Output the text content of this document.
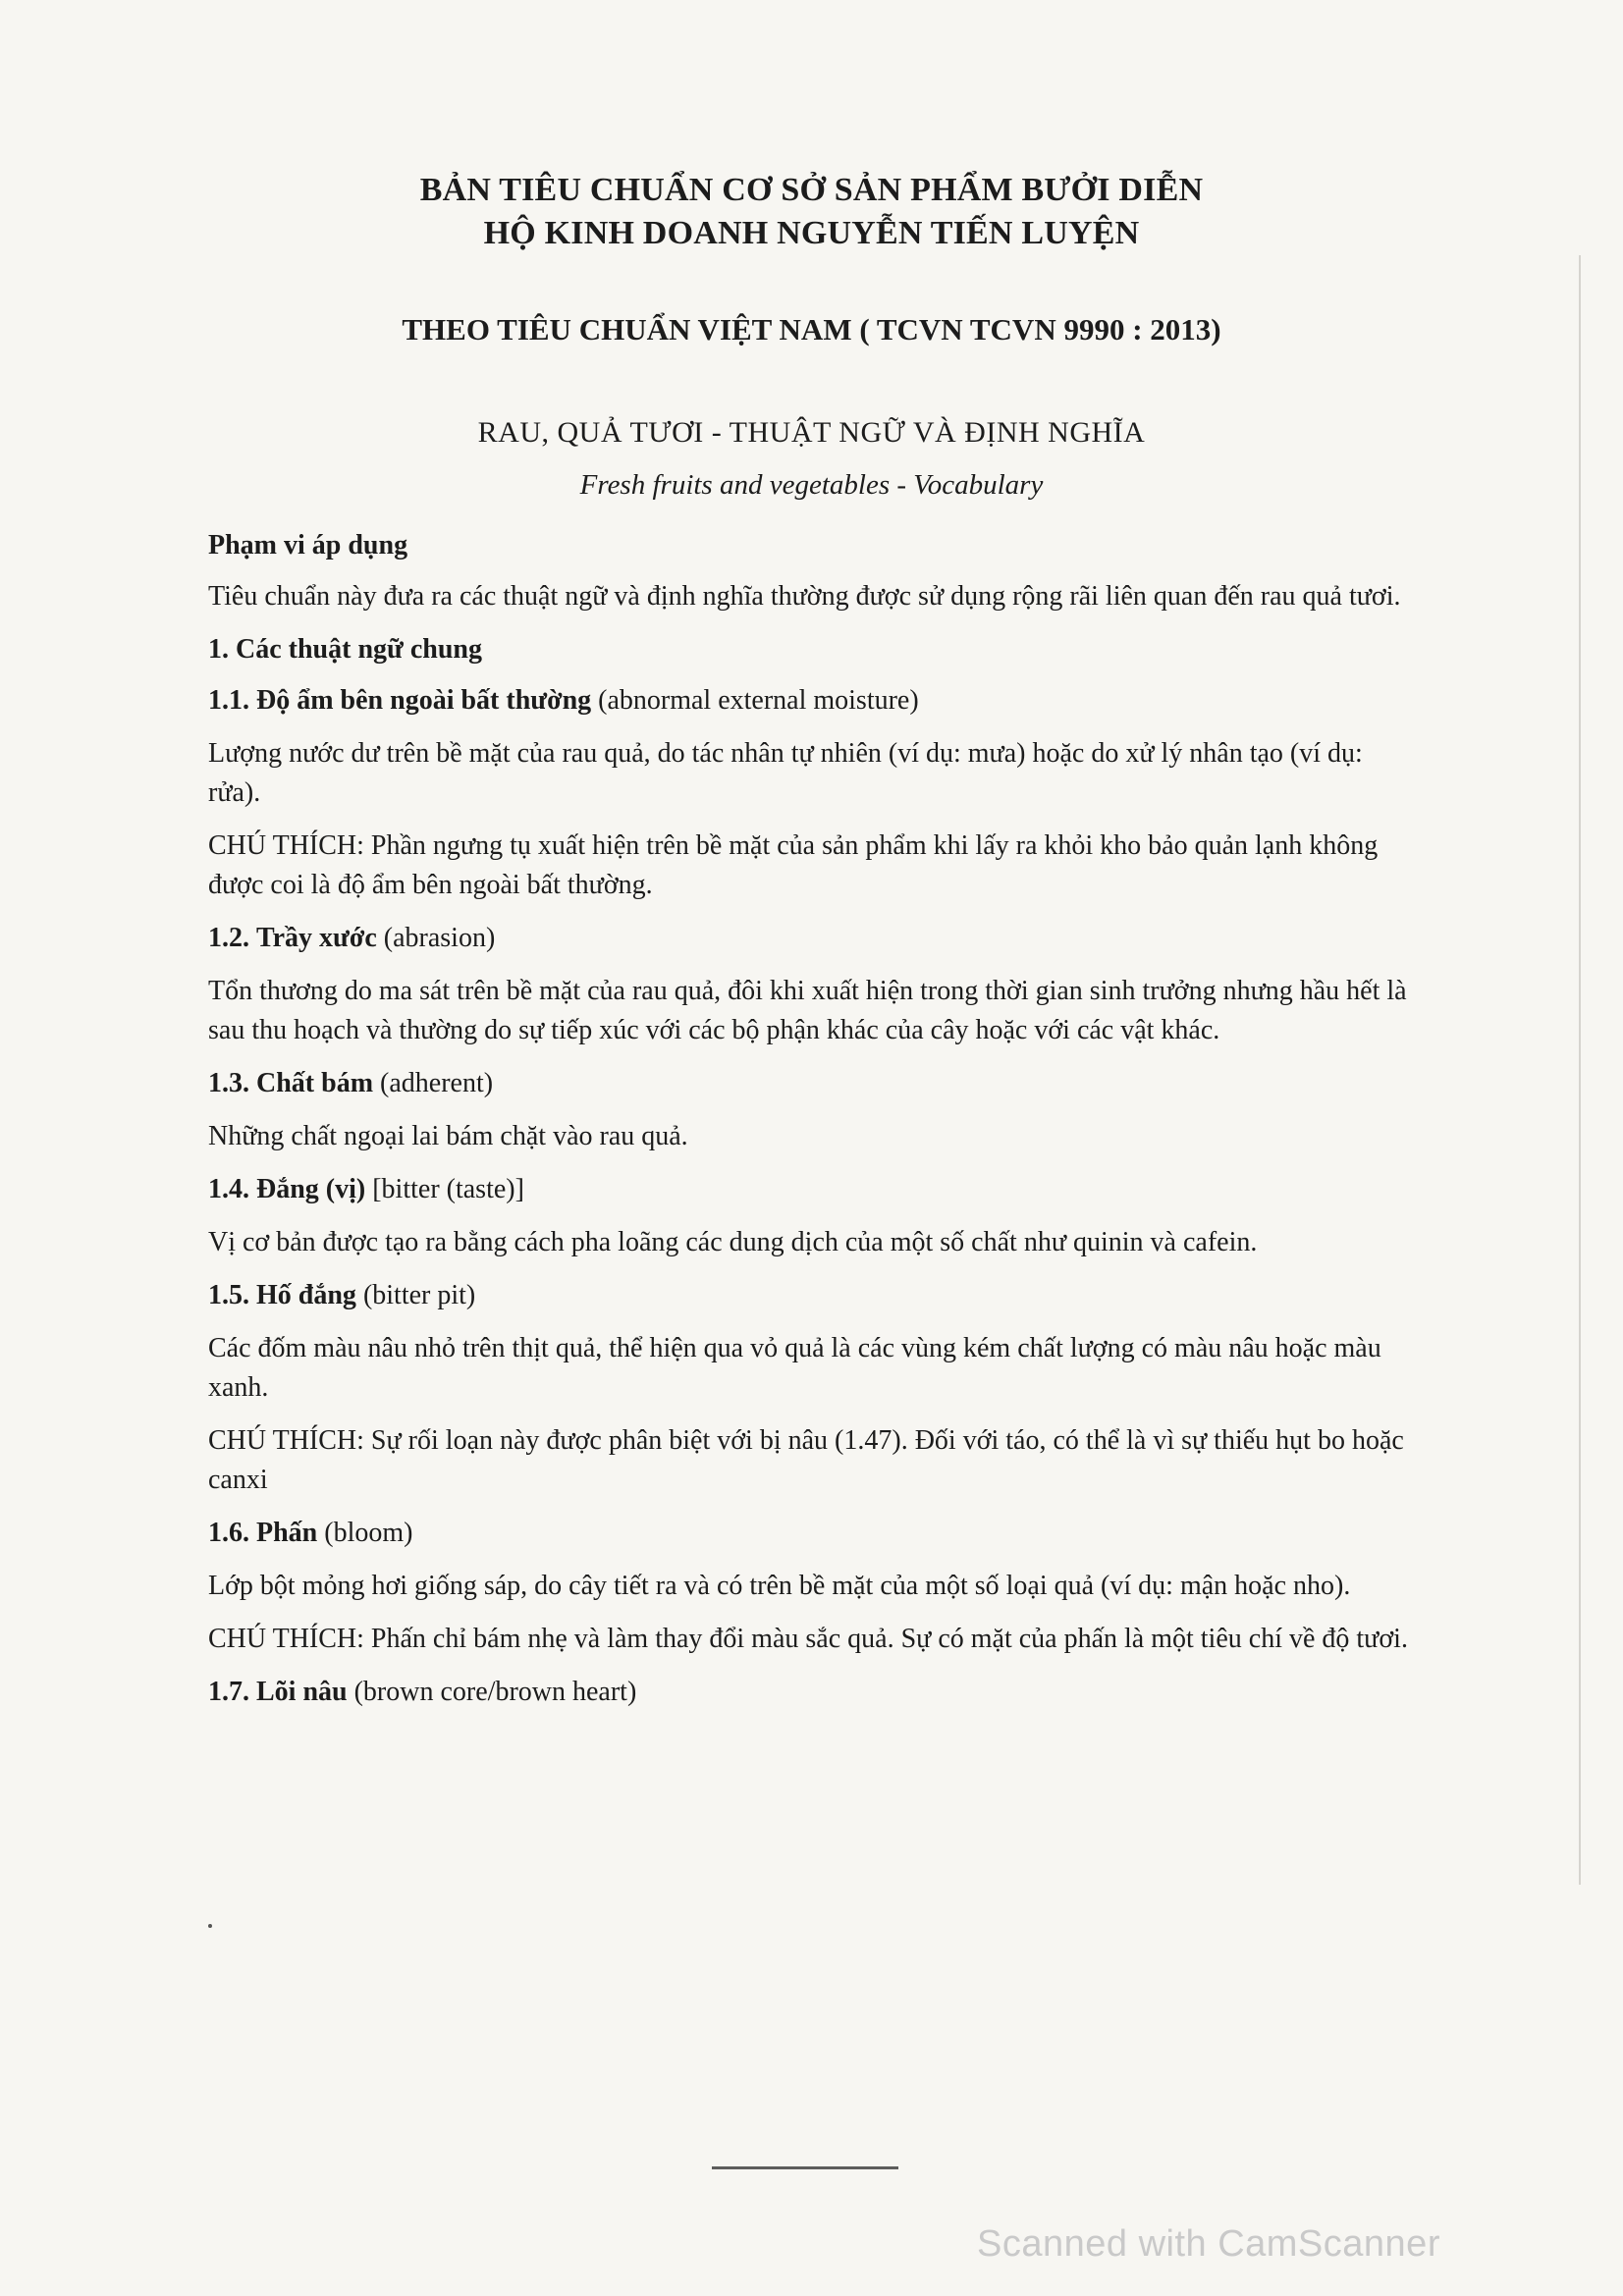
BẢN TIÊU CHUẨN CƠ SỞ SẢN PHẨM BƯỞI DIỄN
HỘ KINH DOANH NGUYỄN TIẾN LUYỆN
THEO TIÊU CHUẨN VIỆT NAM ( TCVN TCVN 9990 : 2013)
RAU, QUẢ TƯƠI - THUẬT NGỮ VÀ ĐỊNH NGHĨA
Fresh fruits and vegetables - Vocabulary

Phạm vi áp dụng

Tiêu chuẩn này đưa ra các thuật ngữ và định nghĩa thường được sử dụng rộng rãi liên quan đến rau quả tươi.

1. Các thuật ngữ chung

1.1. Độ ẩm bên ngoài bất thường (abnormal external moisture)

Lượng nước dư trên bề mặt của rau quả, do tác nhân tự nhiên (ví dụ: mưa) hoặc do xử lý nhân tạo (ví dụ: rửa).

CHÚ THÍCH: Phần ngưng tụ xuất hiện trên bề mặt của sản phẩm khi lấy ra khỏi kho bảo quản lạnh không được coi là độ ẩm bên ngoài bất thường.

1.2. Trầy xước (abrasion)

Tổn thương do ma sát trên bề mặt của rau quả, đôi khi xuất hiện trong thời gian sinh trưởng nhưng hầu hết là sau thu hoạch và thường do sự tiếp xúc với các bộ phận khác của cây hoặc với các vật khác.

1.3. Chất bám (adherent)

Những chất ngoại lai bám chặt vào rau quả.

1.4. Đắng (vị) [bitter (taste)]

Vị cơ bản được tạo ra bằng cách pha loãng các dung dịch của một số chất như quinin và cafein.

1.5. Hố đắng (bitter pit)

Các đốm màu nâu nhỏ trên thịt quả, thể hiện qua vỏ quả là các vùng kém chất lượng có màu nâu hoặc màu xanh.

CHÚ THÍCH: Sự rối loạn này được phân biệt với bị nâu (1.47). Đối với táo, có thể là vì sự thiếu hụt bo hoặc canxi

1.6. Phấn (bloom)

Lớp bột mỏng hơi giống sáp, do cây tiết ra và có trên bề mặt của một số loại quả (ví dụ: mận hoặc nho).

CHÚ THÍCH: Phấn chỉ bám nhẹ và làm thay đổi màu sắc quả. Sự có mặt của phấn là một tiêu chí về độ tươi.

1.7. Lõi nâu (brown core/brown heart)

Scanned with CamScanner
